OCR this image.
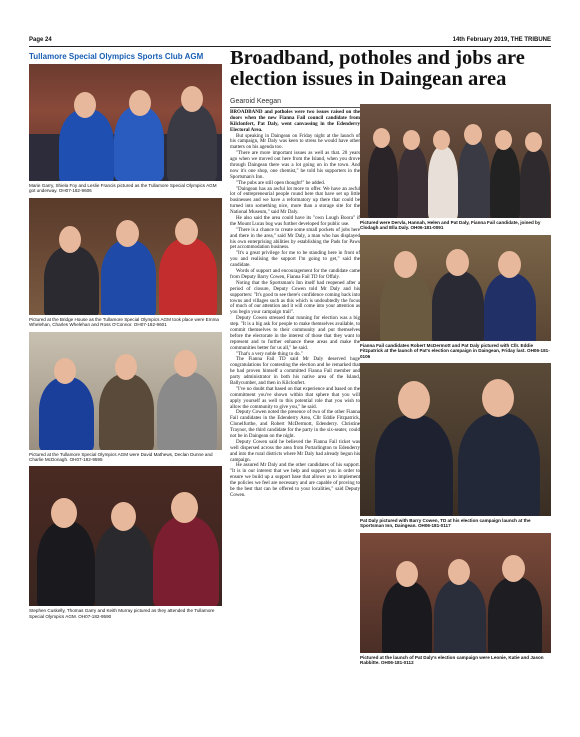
Page 24	14th February 2019, THE TRIBUNE
Tullamore Special Olympics Sports Club AGM
Marie Garry, Shiela Foy and Leslie Francis pictured as the Tullamore Special Olympics AGM got underway. OH07-182-9606
Pictured at the Bridge House as the Tullamore Special Olympics AGM took place were Emma Whelehan, Charles Whelehan and Ross O'Connor. OH07-182-9601
Pictured at the Tullamore Special Olympics AGM were David Mathews, Declan Dunne and Charlie McDonagh. OH07-182-9595
Stephen Cuskelly, Thomas Garry and Keith Murray pictured as they attended the Tullamore Special Olympics AGM. OH07-182-9590
Broadband, potholes and jobs are election issues in Daingean area
Gearoid Keegan

BROADBAND and potholes were two issues raised on the doors when the new Fianna Fail council candidate from Kilclonfert, Pat Daly, went canvassing in the Edenderry Electoral Area.

But speaking in Daingean on Friday night at the launch of his campaign, Mr Daly was keen to stress he would have other matters on his agenda too.

"There are more important issues as well as that. 20 years ago when we moved out here from the Island, when you drove through Daingean there was a lot going on in the town. And now it's one shop, one chemist," he told his supporters in the Sportsman's Inn.

"The pubs are still open thought!" he added.

"Daingean has an awful lot more to offer. We have an awful lot of entrepreneurial people round here that have set up little businesses and we have a reformatory up there that could be turned into something nice, more than a storage site for the National Museum," said Mr Daly.

He also said the area could have its "own Lough Boora" if the Mount Lucas bog was further developed for public use.

"There is a chance to create some small pockets of jobs here and there in the area," said Mr Daly, a man who has displayed his own enterprising abilities by establishing the Pads for Paws pet accommodation business.

"It's a great privilege for me to be standing here in front of you and realising the support I'm going to get," said the candidate.

Words of support and encouragement for the candidate came from Deputy Barry Cowen, Fianna Fail TD for Offaly.

Noting that the Sportsman's Inn itself had reopened after a period of closure, Deputy Cowen told Mr Daly and his supporters: "It's good to see there's confidence coming back into towns and villages such as this which is undoubtedly the focus of much of our attention and it will come into your attention as you begin your campaign trail".

Deputy Cowen stressed that running for election was a big step. "It is a big ask for people to make themselves available, to commit themselves to their community and put themselves before the electorate in the interest of those that they want to represent and to further enhance these areas and make the communities better for us all," he said.

"That's a very noble thing to do."

The Fianna Fail TD said Mr Daly deserved huge congratulations for contesting the election and he remarked that he had proven himself a committed Fianna Fail member and party administrator in both his native area of the Island, Ballycumber, and then in Kilclonfert.

"I've no doubt that based on that experience and based on the commitment you've shown within that sphere that you will apply yourself as well to this potential role that you wish to allow the community to give you," he said.

Deputy Cowen noted the presence of two of the other Fianna Fail candidates in the Edenderry Area, Cllr Eddie Fitzpatrick, Clonelfurthe, and Robert McDermott, Edenderry. Christine Traynor, the third candidate for the party in the six-seater, could not be in Daingean on the night.

Deputy Cowen said he believed the Fianna Fail ticket was well dispersed across the area from Portarlington to Edenderry and into the rural districts where Mr Daly had already begun his campaign.

He assured Mr Daly and the other candidates of his support. "It is in our interest that we help and support you in order to ensure we build up a support base that allows us to implement the policies we feel are necessary and are capable of proving to be the best that can be offered to your localities," said Deputy Cowen.

Pictured were Dervla, Hannah, Helen and Pat Daly, Fianna Fail candidate, joined by Clodagh and Ella Daly. OH06-181-0091
Fianna Fail candidates Robert McDermott and Pat Daly pictured with Cllr. Eddie Fitzpatrick at the launch of Pat's election campaign in Daingean, Friday last. OH06-181-0106
Pat Daly pictured with Barry Cowen, TD at his election campaign launch at the Sportsman Inn, Daingean. OH06-181-0117
Pictured at the launch of Pat Daly's election campaign were Leonie, Katie and Jason Rabbitte. OH06-181-0112
